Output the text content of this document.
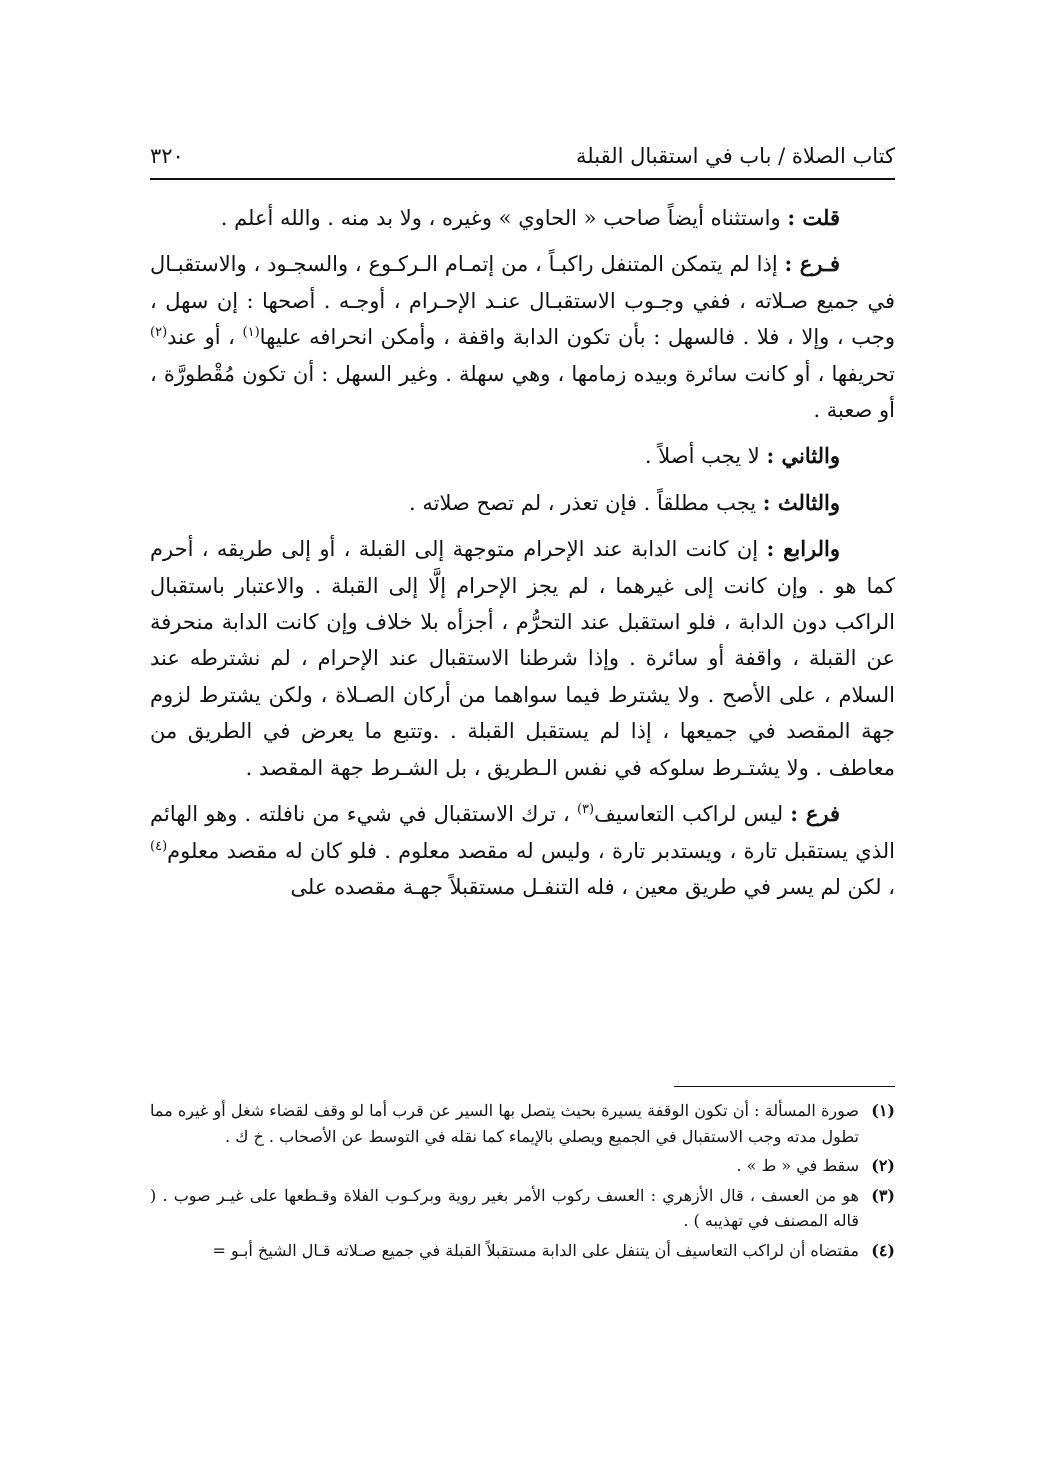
كتاب الصلاة / باب في استقبال القبلة
٣٢٠

قلت : واستثناه أيضاً صاحب « الحاوي » وغيره ، ولا بد منه . والله أعلم .

فـرع : إذا لم يتمكن المتنفل راكبـاً ، من إتمـام الـركـوع ، والسجـود ، والاستقبـال في جميع صـلاته ، ففي وجـوب الاستقبـال عنـد الإحـرام ، أوجـه . أصحها : إن سهل ، وجب ، وإلا ، فلا . فالسهل : بأن تكون الدابة واقفة ، وأمكن انحرافه عليها$^{(١)}$ ، أو عند$^{(٢)}$ تحريفها ، أو كانت سائرة وبيده زمامها ، وهي سهلة . وغير السهل : أن تكون مُقْطورَّة ، أو صعبة .

والثاني : لا يجب أصلاً .

والثالث : يجب مطلقاً . فإن تعذر ، لم تصح صلاته .

والرابع : إن كانت الدابة عند الإحرام متوجهة إلى القبلة ، أو إلى طريقه ، أحرم كما هو . وإن كانت إلى غيرهما ، لم يجز الإحرام إلَّا إلى القبلة . والاعتبار باستقبال الراكب دون الدابة ، فلو استقبل عند التحرُّم ، أجزأه بلا خلاف وإن كانت الدابة منحرفة عن القبلة ، واقفة أو سائرة . وإذا شرطنا الاستقبال عند الإحرام ، لم نشترطه عند السلام ، على الأصح . ولا يشترط فيما سواهما من أركان الصـلاة ، ولكن يشترط لزوم جهة المقصد في جميعها ، إذا لم يستقبل القبلة . .وتتبع ما يعرض في الطريق من معاطف . ولا يشتـرط سلوكه في نفس الـطريق ، بل الشـرط جهة المقصد .

فرع : ليس لراكب التعاسيف$^{(٣)}$ ، ترك الاستقبال في شيء من نافلته . وهو الهائم الذي يستقبل تارة ، ويستدبر تارة ، وليس له مقصد معلوم . فلو كان له مقصد معلوم$^{(٤)}$ ، لكن لم يسر في طريق معين ، فله التنفـل مستقبلاً جهـة مقصده على

(١)
صورة المسألة : أن تكون الوقفة يسيرة بحيث يتصل بها السير عن قرب أما لو وقف لقضاء شغل أو غيره مما تطول مدته وجب الاستقبال في الجميع ويصلي بالإيماء كما نقله في التوسط عن الأصحاب . خ ك .
(٢)
سقط في « ط » .
(٣)
هو من العسف ، قال الأزهري : العسف ركوب الأمر بغير روية وبركـوب الفلاة وقـطعها على غيـر صوب . ( قاله المصنف في تهذيبه ) .
(٤)
مقتضاه أن لراكب التعاسيف أن يتنفل على الدابة مستقبلاً القبلة في جميع صـلاته قـال الشيخ أبـو =
